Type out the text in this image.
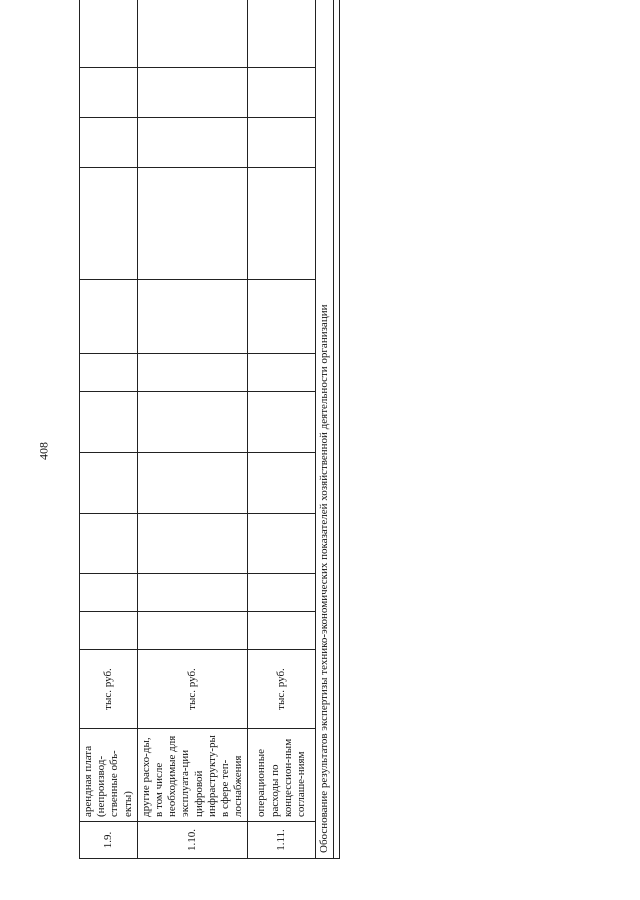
408
1.9.	арендная плата (непроизвод-ственные объ-екты)	тыс. руб.											
1.10.	другие расхо-ды, в том числе необходимые для эксплуата-ции цифровой инфраструкту-ры в сфере теп-лоснабжения	тыс. руб.											
1.11.	операционные расходы по концессион-ным соглаше-ниям	тыс. руб.											
Обоснование результатов экспертизы технико-экономических показателей хозяйственной деятельности организации													
